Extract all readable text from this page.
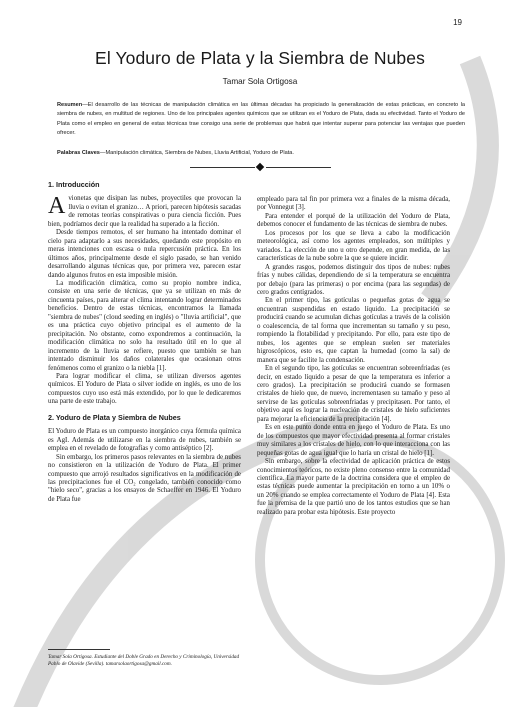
19
El Yoduro de Plata y la Siembra de Nubes
Tamar Sola Ortigosa
Resumen—El desarrollo de las técnicas de manipulación climática en las últimas décadas ha propiciado la generalización de estas prácticas, en concreto la siembra de nubes, en multitud de regiones. Uno de los principales agentes químicos que se utilizan es el Yoduro de Plata, dada su efectividad. Tanto el Yoduro de Plata como el empleo en general de estas técnicas trae consigo una serie de problemas que habrá que intentar superar para potenciar las ventajas que pueden ofrecer.
Palabras Claves—Manipulación climática, Siembra de Nubes, Lluvia Artificial, Yoduro de Plata.
1. Introducción

Avionetas que disipan las nubes, proyectiles que provocan la lluvia o evitan el granizo… A priori, parecen hipótesis sacadas de remotas teorías conspirativas o pura ciencia ficción. Pues bien, podríamos decir que la realidad ha superado a la ficción.

Desde tiempos remotos, el ser humano ha intentado dominar el cielo para adaptarlo a sus necesidades, quedando este propósito en meras intenciones con escasa o nula repercusión práctica. En los últimos años, principalmente desde el siglo pasado, se han venido desarrollando algunas técnicas que, por primera vez, parecen estar dando algunos frutos en esta imposible misión.

La modificación climática, como su propio nombre indica, consiste en una serie de técnicas, que ya se utilizan en más de cincuenta países, para alterar el clima intentando lograr determinados beneficios. Dentro de estas técnicas, encontramos la llamada "siembra de nubes" (cloud seeding en inglés) o "lluvia artificial", que es una práctica cuyo objetivo principal es el aumento de la precipitación. No obstante, como expondremos a continuación, la modificación climática no solo ha resultado útil en lo que al incremento de la lluvia se refiere, puesto que también se han intentado disminuir los daños colaterales que ocasionan otros fenómenos como el granizo o la niebla [1].

Para lograr modificar el clima, se utilizan diversos agentes químicos. El Yoduro de Plata o silver iodide en inglés, es uno de los compuestos cuyo uso está más extendido, por lo que le dedicaremos una parte de este trabajo.

2. Yoduro de Plata y Siembra de Nubes

El Yoduro de Plata es un compuesto inorgánico cuya fórmula química es AgI. Además de utilizarse en la siembra de nubes, también se emplea en el revelado de fotografías y como antiséptico [2].

Sin embargo, los primeros pasos relevantes en la siembra de nubes no consistieron en la utilización de Yoduro de Plata. El primer compuesto que arrojó resultados significativos en la modificación de las precipitaciones fue el CO₂ congelado, también conocido como "hielo seco", gracias a los ensayos de Schaeffer en 1946. El Yoduro de Plata fue

empleado para tal fin por primera vez a finales de la misma década, por Vonnegut [3].

Para entender el porqué de la utilización del Yoduro de Plata, debemos conocer el fundamento de las técnicas de siembra de nubes.

Los procesos por los que se lleva a cabo la modificación meteorológica, así como los agentes empleados, son múltiples y variados. La elección de uno u otro depende, en gran medida, de las características de la nube sobre la que se quiere incidir.

A grandes rasgos, podemos distinguir dos tipos de nubes: nubes frías y nubes cálidas, dependiendo de si la temperatura se encuentra por debajo (para las primeras) o por encima (para las segundas) de cero grados centígrados.

En el primer tipo, las gotículas o pequeñas gotas de agua se encuentran suspendidas en estado líquido. La precipitación se producirá cuando se acumulan dichas gotículas a través de la colisión o coalescencia, de tal forma que incrementan su tamaño y su peso, rompiendo la flotabilidad y precipitando. Por ello, para este tipo de nubes, los agentes que se emplean suelen ser materiales higroscópicos, esto es, que captan la humedad (como la sal) de manera que se facilite la condensación.

En el segundo tipo, las gotículas se encuentran sobreenfriadas (es decir, en estado líquido a pesar de que la temperatura es inferior a cero grados). La precipitación se producirá cuando se formasen cristales de hielo que, de nuevo, incrementasen su tamaño y peso al servirse de las gotículas sobreenfriadas y precipitasen. Por tanto, el objetivo aquí es lograr la nucleación de cristales de hielo suficientes para mejorar la eficiencia de la precipitación [4].

Es en este punto donde entra en juego el Yoduro de Plata. Es uno de los compuestos que mayor efectividad presenta al formar cristales muy similares a los cristales de hielo, con lo que interacciona con las pequeñas gotas de agua igual que lo haría un cristal de hielo [1].

Sin embargo, sobre la efectividad de aplicación práctica de estos conocimientos teóricos, no existe pleno consenso entre la comunidad científica. La mayor parte de la doctrina considera que el empleo de estas técnicas puede aumentar la precipitación en torno a un 10% o un 20% cuando se emplea correctamente el Yoduro de Plata [4]. Esta fue la premisa de la que partió uno de los tantos estudios que se han realizado para probar esta hipótesis. Este proyecto

Tamar Sola Ortigosa. Estudiante del Doble Grado en Derecho y Criminología, Universidad Pablo de Olavide (Sevilla). tamarsolaortigosa@gmail.com.
